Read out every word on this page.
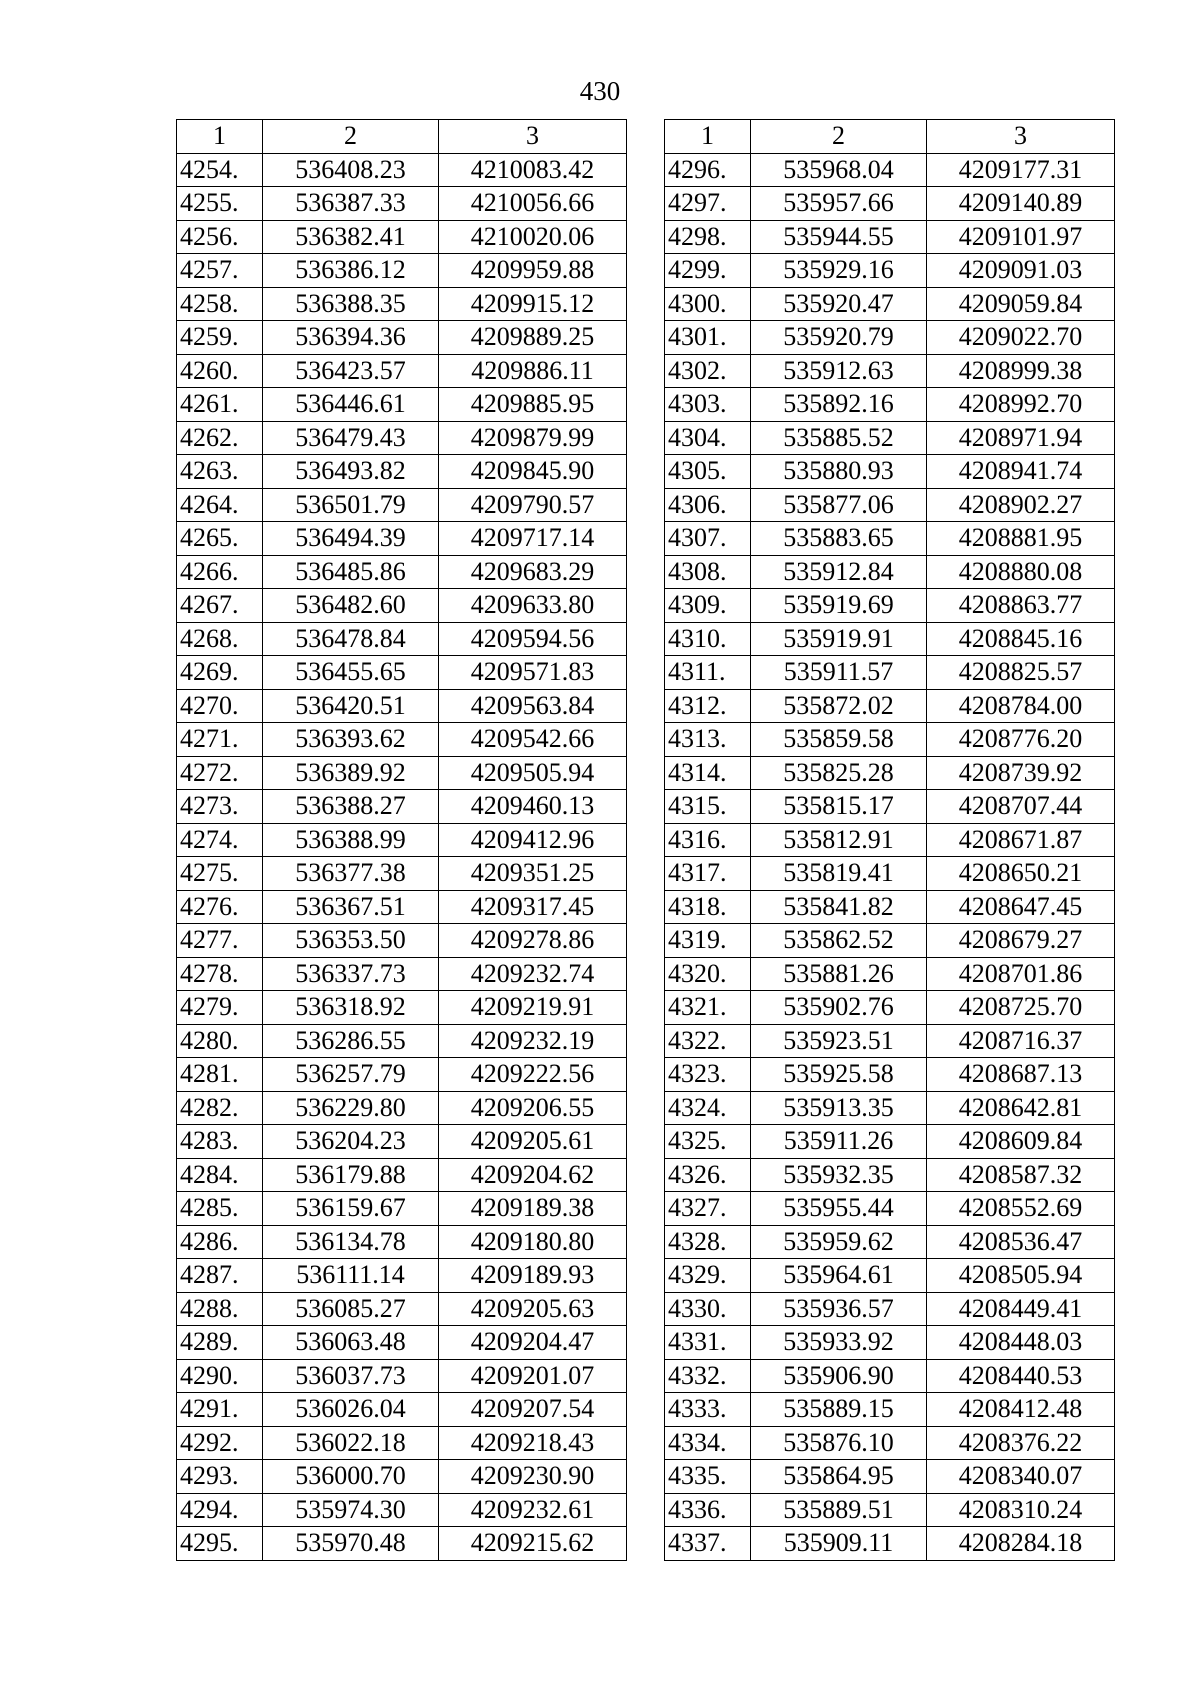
430
1	2	3
4254.	536408.23	4210083.42
4255.	536387.33	4210056.66
4256.	536382.41	4210020.06
4257.	536386.12	4209959.88
4258.	536388.35	4209915.12
4259.	536394.36	4209889.25
4260.	536423.57	4209886.11
4261.	536446.61	4209885.95
4262.	536479.43	4209879.99
4263.	536493.82	4209845.90
4264.	536501.79	4209790.57
4265.	536494.39	4209717.14
4266.	536485.86	4209683.29
4267.	536482.60	4209633.80
4268.	536478.84	4209594.56
4269.	536455.65	4209571.83
4270.	536420.51	4209563.84
4271.	536393.62	4209542.66
4272.	536389.92	4209505.94
4273.	536388.27	4209460.13
4274.	536388.99	4209412.96
4275.	536377.38	4209351.25
4276.	536367.51	4209317.45
4277.	536353.50	4209278.86
4278.	536337.73	4209232.74
4279.	536318.92	4209219.91
4280.	536286.55	4209232.19
4281.	536257.79	4209222.56
4282.	536229.80	4209206.55
4283.	536204.23	4209205.61
4284.	536179.88	4209204.62
4285.	536159.67	4209189.38
4286.	536134.78	4209180.80
4287.	536111.14	4209189.93
4288.	536085.27	4209205.63
4289.	536063.48	4209204.47
4290.	536037.73	4209201.07
4291.	536026.04	4209207.54
4292.	536022.18	4209218.43
4293.	536000.70	4209230.90
4294.	535974.30	4209232.61
4295.	535970.48	4209215.62
1	2	3
4296.	535968.04	4209177.31
4297.	535957.66	4209140.89
4298.	535944.55	4209101.97
4299.	535929.16	4209091.03
4300.	535920.47	4209059.84
4301.	535920.79	4209022.70
4302.	535912.63	4208999.38
4303.	535892.16	4208992.70
4304.	535885.52	4208971.94
4305.	535880.93	4208941.74
4306.	535877.06	4208902.27
4307.	535883.65	4208881.95
4308.	535912.84	4208880.08
4309.	535919.69	4208863.77
4310.	535919.91	4208845.16
4311.	535911.57	4208825.57
4312.	535872.02	4208784.00
4313.	535859.58	4208776.20
4314.	535825.28	4208739.92
4315.	535815.17	4208707.44
4316.	535812.91	4208671.87
4317.	535819.41	4208650.21
4318.	535841.82	4208647.45
4319.	535862.52	4208679.27
4320.	535881.26	4208701.86
4321.	535902.76	4208725.70
4322.	535923.51	4208716.37
4323.	535925.58	4208687.13
4324.	535913.35	4208642.81
4325.	535911.26	4208609.84
4326.	535932.35	4208587.32
4327.	535955.44	4208552.69
4328.	535959.62	4208536.47
4329.	535964.61	4208505.94
4330.	535936.57	4208449.41
4331.	535933.92	4208448.03
4332.	535906.90	4208440.53
4333.	535889.15	4208412.48
4334.	535876.10	4208376.22
4335.	535864.95	4208340.07
4336.	535889.51	4208310.24
4337.	535909.11	4208284.18
